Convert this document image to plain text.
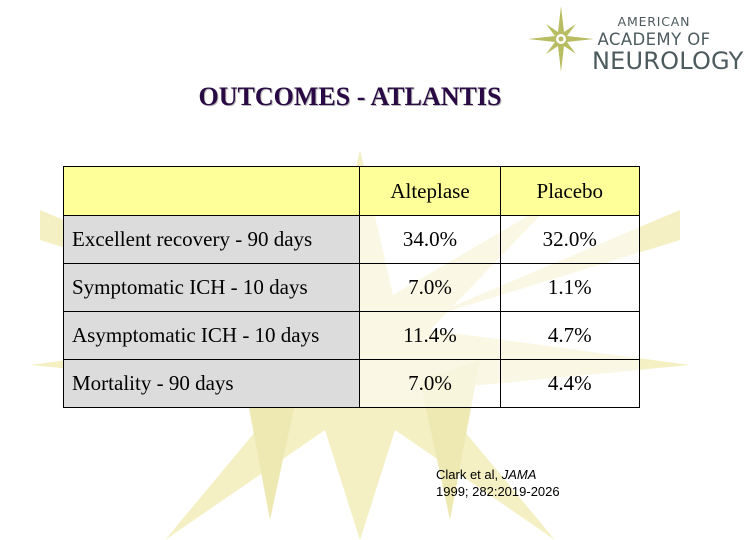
AMERICAN
ACADEMY OF
NEUROLOGY
OUTCOMES - ATLANTIS
	Alteplase	Placebo
Excellent recovery - 90 days	34.0%	32.0%
Symptomatic ICH - 10 days	7.0%	1.1%
Asymptomatic ICH - 10 days	11.4%	4.7%
Mortality - 90 days	7.0%	4.4%
Clark et al, JAMA
1999; 282:2019-2026
